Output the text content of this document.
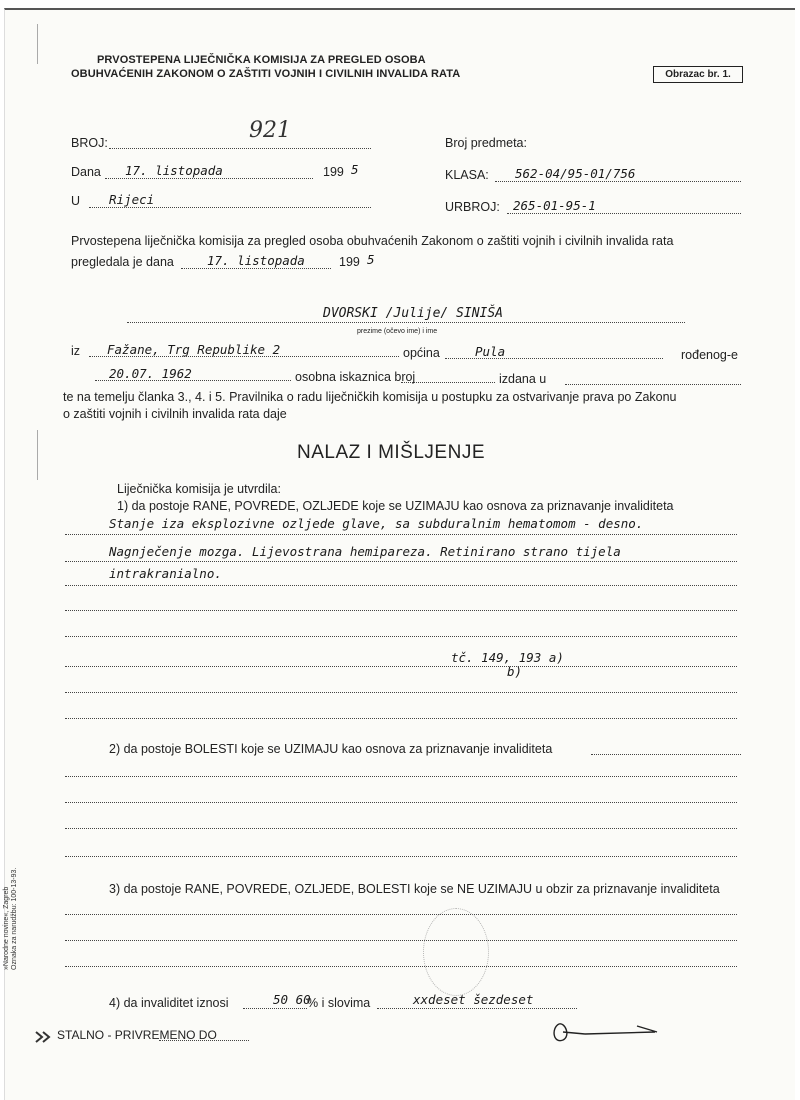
PRVOSTEPENA LIJEČNIČKA KOMISIJA ZA PREGLED OSOBA
OBUHVAĆENIH ZAKONOM O ZAŠTITI VOJNIH I CIVILNIH INVALIDA RATA	Obrazac br. 1.
BROJ:	921	Broj predmeta:
Dana 17. listopada	199 5	KLASA: 562-04/95-01/756
U Rijeci	URBROJ: 265-01-95-1
Prvostepena liječnička komisija za pregled osoba obuhvaćenih Zakonom o zaštiti vojnih i civilnih invalida rata
pregledala je dana	17. listopada	199 5
DVORSKI /Julije/ SINIŠA
prezime (očevo ime) i ime
iz Fažane, Trg Republike 2	općina	Pula	rođenog-e
20.07. 1962	osobna iskaznica broj	izdana u
te na temelju članka 3., 4. i 5. Pravilnika o radu liječničkih komisija u postupku za ostvarivanje prava po Zakonu
o zaštiti vojnih i civilnih invalida rata daje
NALAZ I MIŠLJENJE
Liječnička komisija je utvrdila:
1) da postoje RANE, POVREDE, OZLJEDE koje se UZIMAJU kao osnova za priznavanje invaliditeta
Stanje iza eksplozivne ozljede glave, sa subduralnim hematomom - desno.
Nagnječenje mozga. Lijevostrana hemipareza. Retinirano strano tijela
intrakranialno.
tč. 149, 193 a)
b)
2) da postoje BOLESTI koje se UZIMAJU kao osnova za priznavanje invaliditeta
3) da postoje RANE, POVREDE, OZLJEDE, BOLESTI koje se NE UZIMAJU u obzir za priznavanje invaliditeta
4) da invaliditet iznosi	50 60
% i slovima	xxdeset šezdeset
STALNO - PRIVREMENO DO
»Narodne novine«, Zagreb Oznaka za narudžbu: 100-13-93.
